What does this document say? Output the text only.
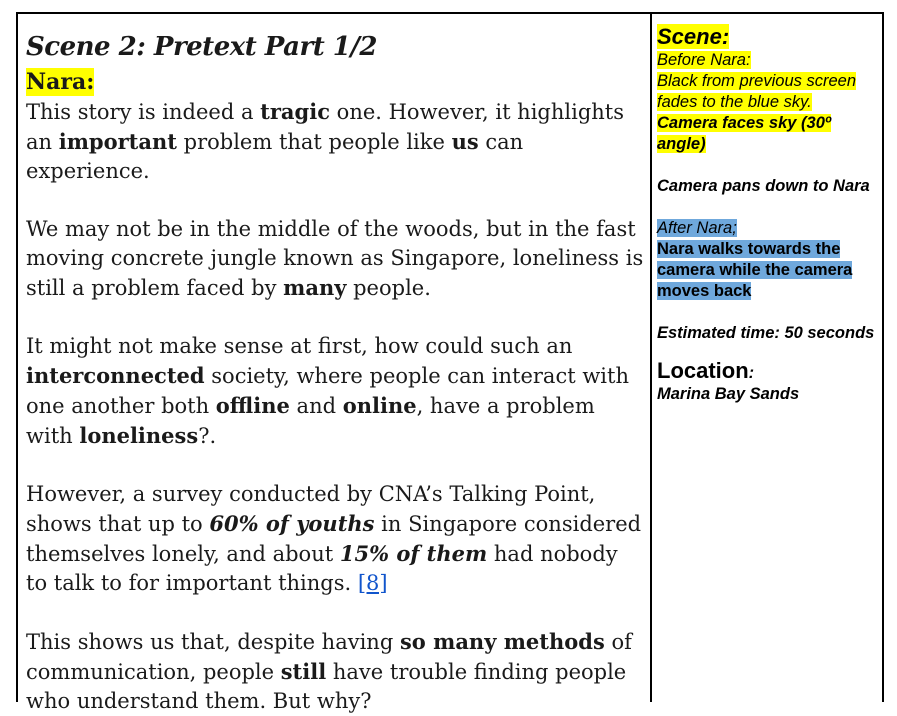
Scene 2: Pretext Part 1/2
Nara:

This story is indeed a tragic one. However, it highlights an important problem that people like us can experience.

We may not be in the middle of the woods, but in the fast moving concrete jungle known as Singapore, loneliness is still a problem faced by many people.

It might not make sense at first, how could such an interconnected society, where people can interact with one another both offline and online, have a problem with loneliness?.

However, a survey conducted by CNA’s Talking Point, shows that up to 60% of youths in Singapore considered themselves lonely, and about 15% of them had nobody to talk to for important things. [8]

This shows us that, despite having so many methods of communication, people still have trouble finding people who understand them. But why?

Scene:
Before Nara:
Black from previous screen fades to the blue sky.
Camera faces sky (30º angle)
Camera pans down to Nara
After Nara;
Nara walks towards the camera while the camera moves back
Estimated time: 50 seconds
Location:
Marina Bay Sands
